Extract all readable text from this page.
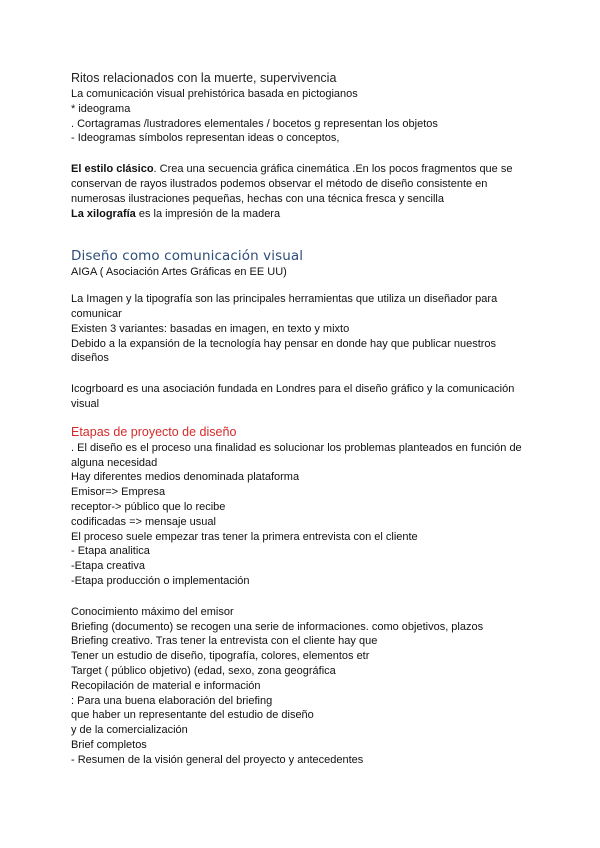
Ritos relacionados con la muerte, supervivencia
La comunicación visual prehistórica basada en pictogianos
* ideograma
. Cortagramas /lustradores elementales / bocetos g representan los objetos
- Ideogramas símbolos representan ideas o conceptos,
El estilo clásico. Crea una secuencia gráfica cinemática .En los pocos fragmentos que se
conservan de rayos ilustrados podemos observar el método de diseño consistente en
numerosas ilustraciones pequeñas, hechas con una técnica fresca y sencilla
La xilografía es la impresión de la madera
Diseño como comunicación visual
AIGA ( Asociación Artes Gráficas en EE UU)
La Imagen y la tipografía son las principales herramientas que utiliza un diseñador para
comunicar
Existen 3 variantes: basadas en imagen, en texto y mixto
Debido a la expansión de la tecnología hay pensar en donde hay que publicar nuestros
diseños
Icogrboard es una asociación fundada en Londres para el diseño gráfico y la comunicación
visual
Etapas de proyecto de diseño
. El diseño es el proceso una finalidad es solucionar los problemas planteados en función de
alguna necesidad
Hay diferentes medios denominada plataforma
Emisor=> Empresa
receptor-> público que lo recibe
codificadas => mensaje usual
El proceso suele empezar tras tener la primera entrevista con el cliente
- Etapa analitica
-Etapa creativa
-Etapa producción o implementación
Conocimiento máximo del emisor
Briefing (documento) se recogen una serie de informaciones. como objetivos, plazos
Briefing creativo. Tras tener la entrevista con el cliente hay que
Tener un estudio de diseño, tipografía, colores, elementos etr
Target ( público objetivo) (edad, sexo, zona geográfica
Recopilación de material e información
: Para una buena elaboración del briefing
que haber un representante del estudio de diseño
y de la comercialización
Brief completos
- Resumen de la visión general del proyecto y antecedentes
